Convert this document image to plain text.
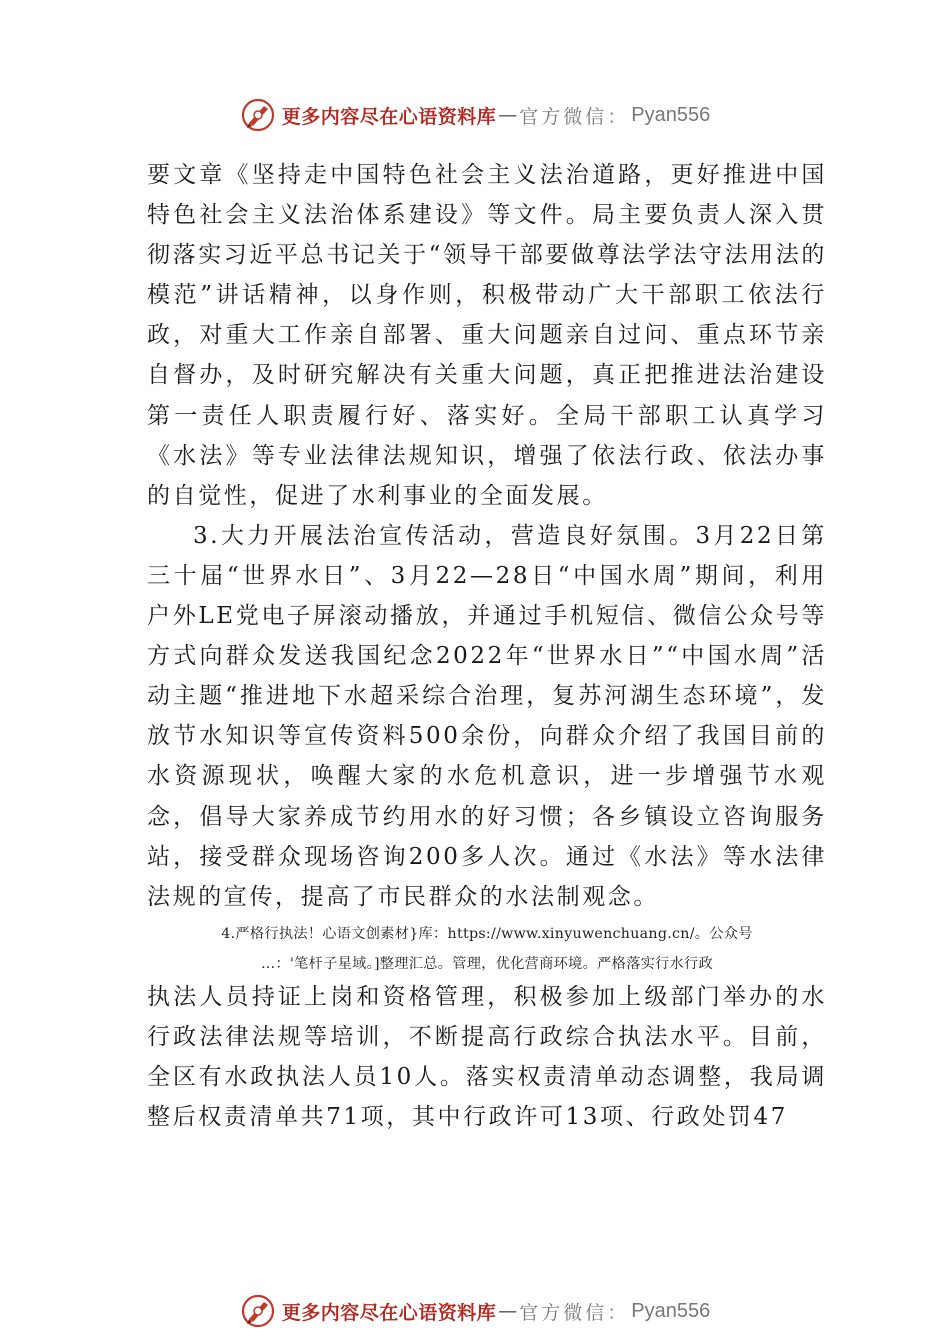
更多内容尽在心语资料库 — 官方微信： Pyan556

要文章《坚持走中国特色社会主义法治道路，更好推进中国特色社会主义法治体系建设》等文件。局主要负责人深入贯彻落实习近平总书记关于“领导干部要做尊法学法守法用法的模范”讲话精神，以身作则，积极带动广大干部职工依法行政，对重大工作亲自部署、重大问题亲自过问、重点环节亲自督办，及时研究解决有关重大问题，真正把推进法治建设第一责任人职责履行好、落实好。全局干部职工认真学习《水法》等专业法律法规知识，增强了依法行政、依法办事的自觉性，促进了水利事业的全面发展。

3.大力开展法治宣传活动，营造良好氛围。3月22日第三十届“世界水日”、3月22—28日“中国水周”期间，利用户外LE党电子屏滚动播放，并通过手机短信、微信公众号等方式向群众发送我国纪念2022年“世界水日”“中国水周”活动主题“推进地下水超采综合治理，复苏河湖生态环境”，发放节水知识等宣传资料500余份，向群众介绍了我国目前的水资源现状，唤醒大家的水危机意识，进一步增强节水观念，倡导大家养成节约用水的好习惯；各乡镇设立咨询服务站，接受群众现场咨询200多人次。通过《水法》等水法律法规的宣传，提高了市民群众的水法制观念。

4.严格行执法！心语文创素材}库：https://www.xinyuwenchuang.cn/。公众号

…：'笔杆子星域。]整理汇总。管理，优化营商环境。严格落实行水行政

执法人员持证上岗和资格管理，积极参加上级部门举办的水行政法律法规等培训，不断提高行政综合执法水平。目前，全区有水政执法人员10人。落实权责清单动态调整，我局调整后权责清单共71项，其中行政许可13项、行政处罚47

更多内容尽在心语资料库 — 官方微信： Pyan556
